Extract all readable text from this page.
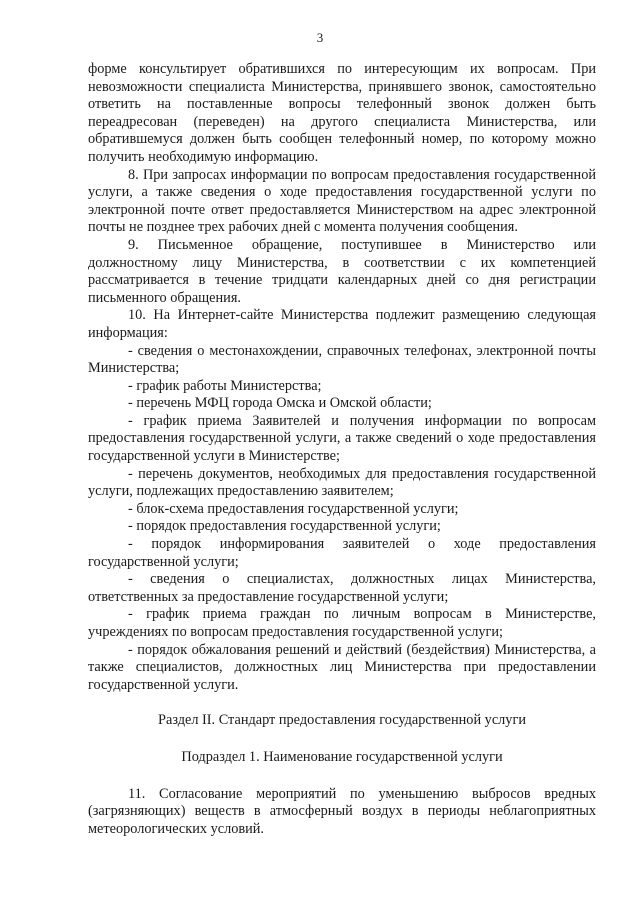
3

форме консультирует обратившихся по интересующим их вопросам. При невозможности специалиста Министерства, принявшего звонок, самостоятельно ответить на поставленные вопросы телефонный звонок должен быть переадресован (переведен) на другого специалиста Министерства, или обратившемуся должен быть сообщен телефонный номер, по которому можно получить необходимую информацию.

8. При запросах информации по вопросам предоставления государственной услуги, а также сведения о ходе предоставления государственной услуги по электронной почте ответ предоставляется Министерством на адрес электронной почты не позднее трех рабочих дней с момента получения сообщения.

9. Письменное обращение, поступившее в Министерство или должностному лицу Министерства, в соответствии с их компетенцией рассматривается в течение тридцати календарных дней со дня регистрации письменного обращения.

10. На Интернет-сайте Министерства подлежит размещению следующая информация:

- сведения о местонахождении, справочных телефонах, электронной почты Министерства;

- график работы Министерства;

- перечень МФЦ города Омска и Омской области;

- график приема Заявителей и получения информации по вопросам предоставления государственной услуги, а также сведений о ходе предоставления государственной услуги в Министерстве;

- перечень документов, необходимых для предоставления государственной услуги, подлежащих предоставлению заявителем;

- блок-схема предоставления государственной услуги;

- порядок предоставления государственной услуги;

- порядок информирования заявителей о ходе предоставления государственной услуги;

- сведения о специалистах, должностных лицах Министерства, ответственных за предоставление государственной услуги;

- график приема граждан по личным вопросам в Министерстве, учреждениях по вопросам предоставления государственной услуги;

- порядок обжалования решений и действий (бездействия) Министерства, а также специалистов, должностных лиц Министерства при предоставлении государственной услуги.

Раздел II. Стандарт предоставления государственной услуги

Подраздел 1. Наименование государственной услуги

11. Согласование мероприятий по уменьшению выбросов вредных (загрязняющих) веществ в атмосферный воздух в периоды неблагоприятных метеорологических условий.
